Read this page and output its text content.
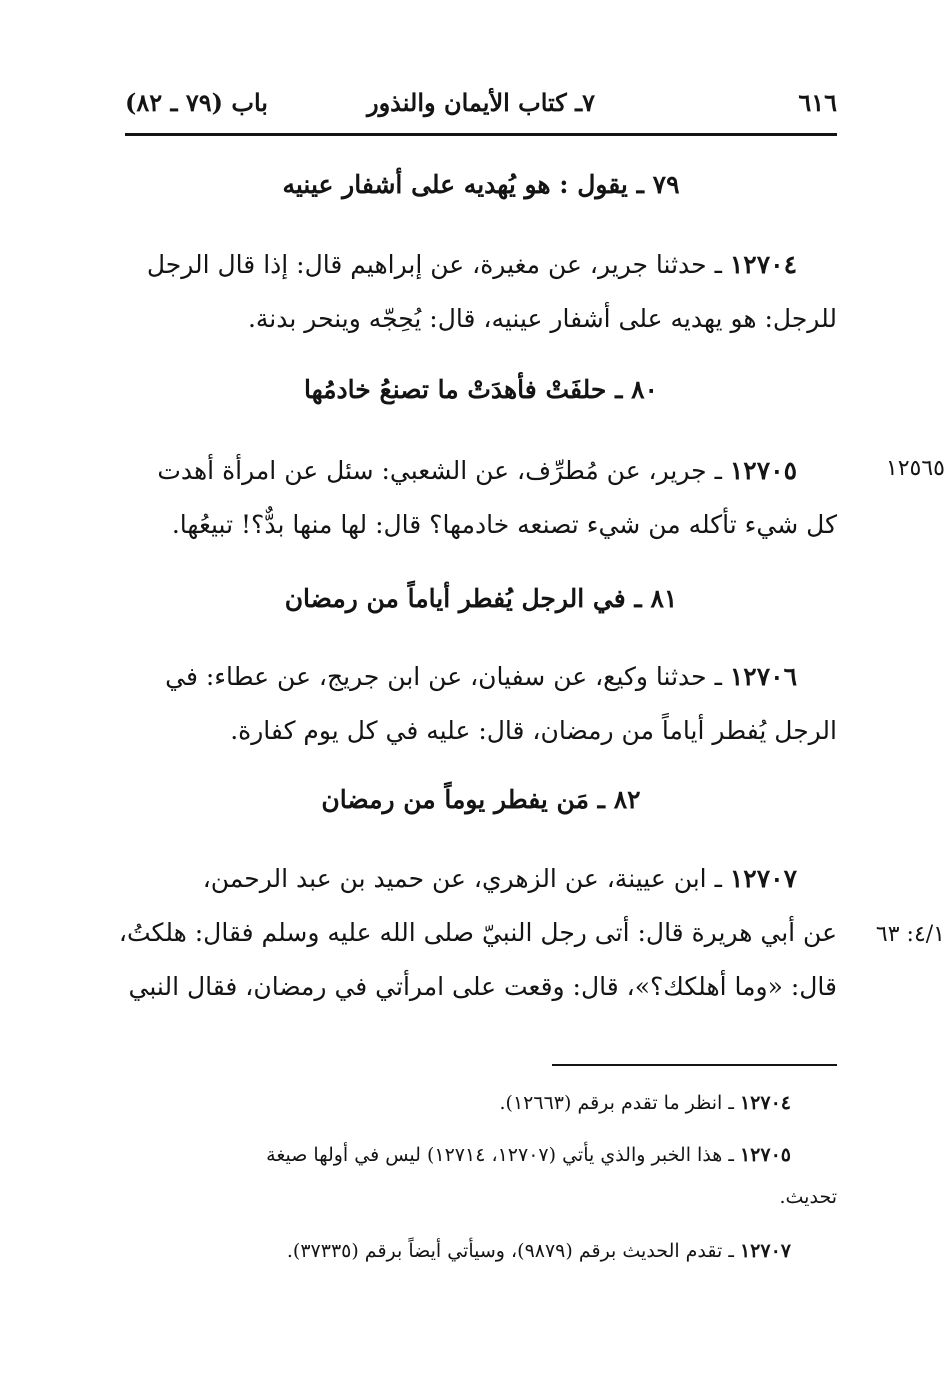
٦١٦
٧ـ كتاب الأيمان والنذور
باب (٧٩ ـ ٨٢)
٧٩ ـ يقول : هو يُهديه على أشفار عينيه
١٢٧٠٤ ـ حدثنا جرير، عن مغيرة، عن إبراهيم قال: إذا قال الرجل
للرجل: هو يهديه على أشفار عينيه، قال: يُحِجّه وينحر بدنة.
٨٠ ـ حلفَتْ فأهدَتْ ما تصنعُ خادمُها
١٢٥٦٥
١٢٧٠٥ ـ جرير، عن مُطرِّف، عن الشعبي: سئل عن امرأة أهدت
كل شيء تأكله من شيء تصنعه خادمها؟ قال: لها منها بدٌّ؟! تبيعُها.
٨١ ـ في الرجل يُفطر أياماً من رمضان
١٢٧٠٦ ـ حدثنا وكيع، عن سفيان، عن ابن جريج، عن عطاء: في
الرجل يُفطر أياماً من رمضان، قال: عليه في كل يوم كفارة.
٨٢ ـ مَن يفطر يوماً من رمضان
٤/١: ٦٣
١٢٧٠٧ ـ ابن عيينة، عن الزهري، عن حميد بن عبد الرحمن،
عن أبي هريرة قال: أتى رجل النبيّ صلى الله عليه وسلم فقال: هلكتُ،
قال: «وما أهلكك؟»، قال: وقعت على امرأتي في رمضان، فقال النبي
١٢٧٠٤ ـ انظر ما تقدم برقم (١٢٦٦٣).
١٢٧٠٥ ـ هذا الخبر والذي يأتي (١٢٧٠٧، ١٢٧١٤) ليس في أولها صيغة
تحديث.
١٢٧٠٧ ـ تقدم الحديث برقم (٩٨٧٩)، وسيأتي أيضاً برقم (٣٧٣٣٥).
